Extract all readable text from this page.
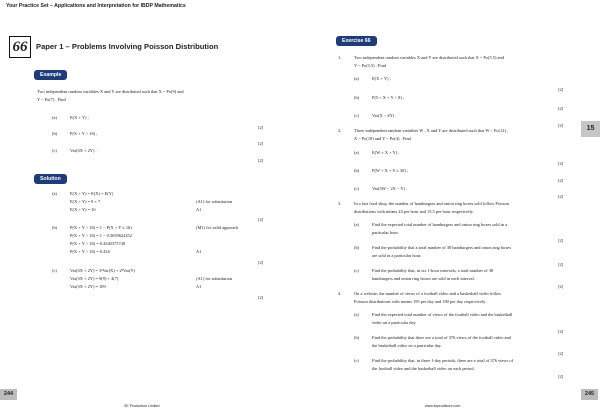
Your Practice Set – Applications and Interpretation for IBDP Mathematics
66	Paper 1 – Problems Involving Poisson Distribution
Example
Two independent random variables X and Y are distributed such that X ~ Po(9) and
Y ~ Po(7) . Find
(a)	E(X + Y) ;
[2]
(b)	P(X + Y > 16) ;
[2]
(c)	Var(3X + 2Y) .
[2]
Solution
(a)	E(X + Y) = E(X) + E(Y)
E(X + Y) = 9 + 7
E(X + Y) = 16
(A1) for substitution
A1
[2]
(b)	P(X + Y > 16) = 1 − P(X + Y ≤ 16)
P(X + Y > 16) = 1 − 0.5659624252
P(X + Y > 16) = 0.4340375748
P(X + Y > 16) = 0.434
(M1) for valid approach
A1
[2]
(c)	Var(3X + 2Y) = 3²Var(X) + 2²Var(Y)
Var(3X + 2Y) = 9(9) + 4(7)
Var(3X + 2Y) = 109
(A1) for substitution
A1
[2]
Exercise 66
1.	Two independent random variables X and Y are distributed such that X ~ Po(5.5) and
Y ~ Po(3.5) . Find
(a)	E(X + Y) ;
[2]
(b)	P(5 < X + Y < 8) ;
[2]
(c)	Var(X − 4Y) .
[2]
2.	Three independent random variables W , X and Y are distributed such that W ~ Po(12) ,
X ~ Po(18) and Y ~ Po(4) . Find
(a)	E(W + X + Y) ;
[2]
(b)	P(W + X + Y ≥ 30) ;
[2]
(c)	Var(3W − 2X − Y) .
[2]
3.	In a fast food shop, the number of hamburgers and onion ring boxes sold follow Poisson
distributions with means 24 per hour and 15.5 per hour respectively.
(a)	Find the expected total number of hamburgers and onion ring boxes sold in a
particular hour.
[2]
(b)	Find the probability that a total number of 38 hamburgers and onion ring boxes
are sold in a particular hour.
[2]
(c)	Find the probability that, in six 1-hour intervals, a total number of 38
hamburgers and onion ring boxes are sold in each interval.
[2]
4.	On a website, the number of views of a football video and a basketball video follow
Poisson distributions with means 195 per day and 180 per day respectively.
(a)	Find the expected total number of views of the football video and the basketball
video on a particular day.
[2]
(b)	Find the probability that there are a total of 376 views of the football video and
the basketball video on a particular day.
[2]
(c)	Find the probability that, in three 1-day periods, there are a total of 376 views of
the football video and the basketball video on each period.
[2]
15
244	245
SE Production Limited	www.seprodstore.com
